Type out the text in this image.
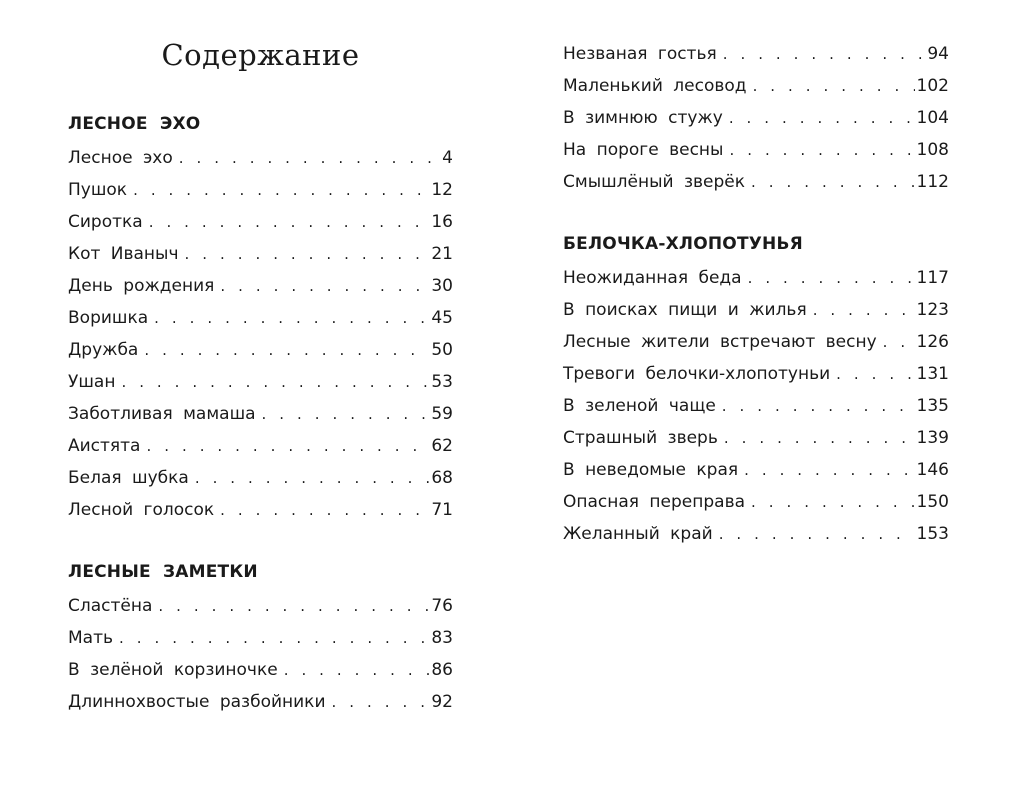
Содержание
ЛЕСНОЕ ЭХО
Лесное эхо . . .	4
Пушок . . .	12
Сиротка . . .	16
Кот Иваныч . . .	21
День рождения . . .	30
Воришка . . .	45
Дружба . . .	50
Ушан . . .	53
Заботливая мамаша . . .	59
Аистята . . .	62
Белая шубка . . .	68
Лесной голосок . . .	71
ЛЕСНЫЕ ЗАМЕТКИ
Сластёна . . .	76
Мать . . .	83
В зелёной корзиночке . . .	86
Длиннохвостые разбойники . . .	92
Незваная гостья . . .	94
Маленький лесовод . . .	102
В зимнюю стужу . . .	104
На пороге весны . . .	108
Смышлёный зверёк . . .	112
БЕЛОЧКА-ХЛОПОТУНЬЯ
Неожиданная беда . . .	117
В поисках пищи и жилья . . .	123
Лесные жители встречают весну . . . 126
Тревоги белочки-хлопотуньи . . .	131
В зеленой чаще . . .	135
Страшный зверь . . .	139
В неведомые края . . .	146
Опасная переправа . . .	150
Желанный край . . .	153
